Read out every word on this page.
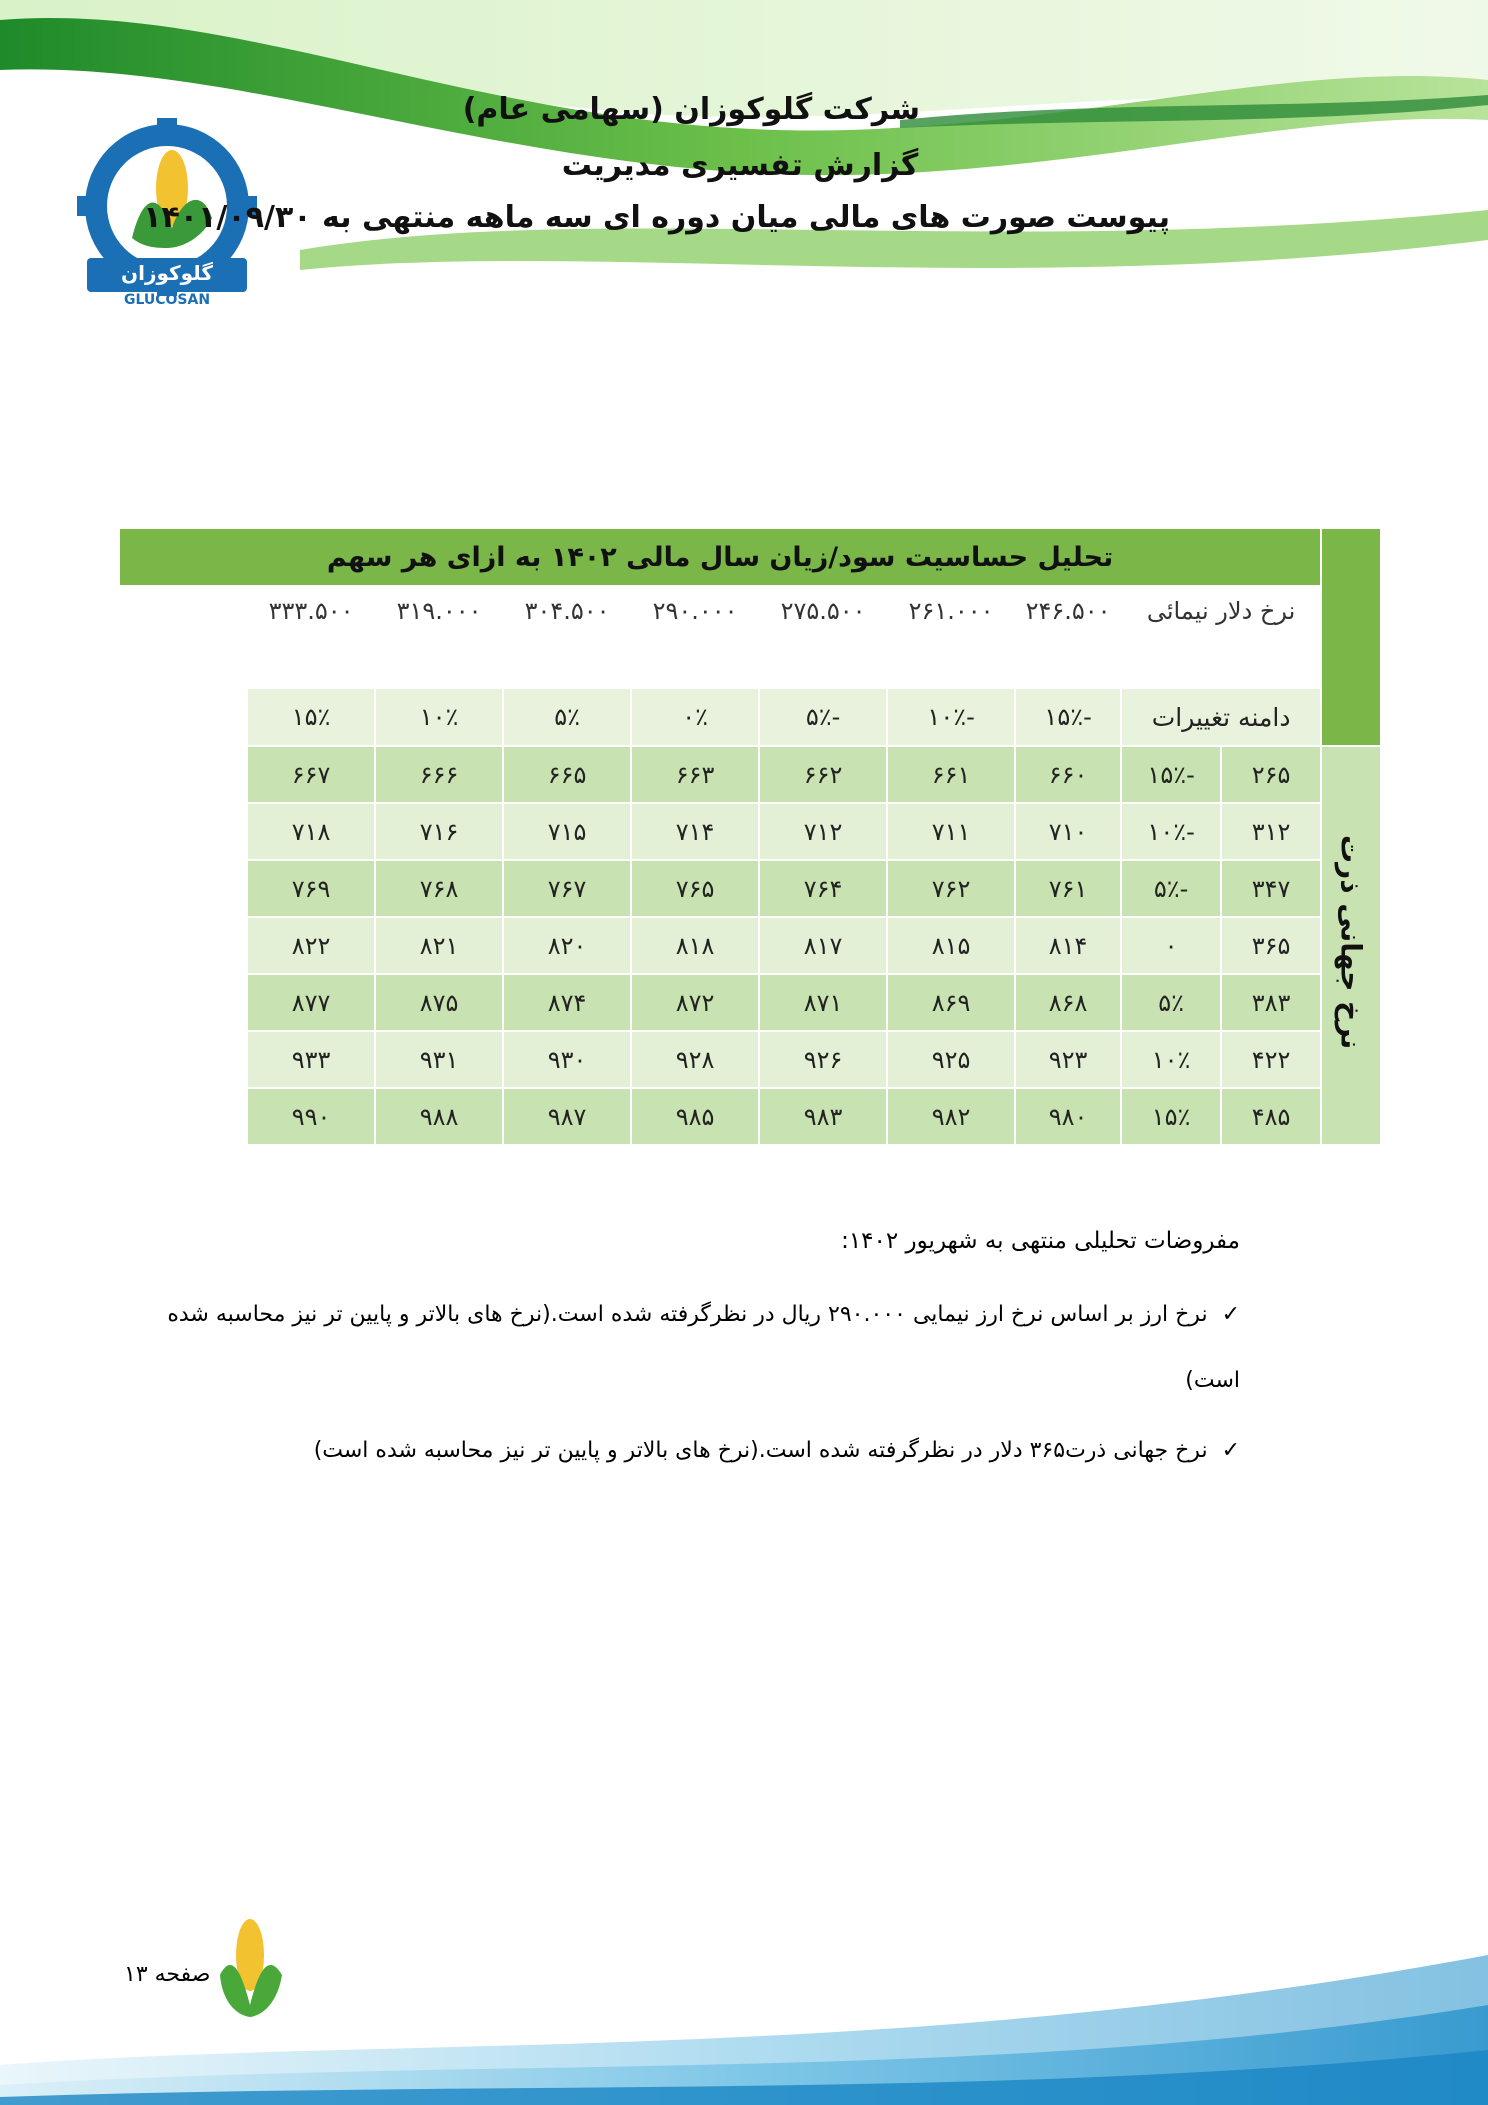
گلوکوزان
GLUCOSAN
شرکت گلوکوزان (سهامی عام)
گزارش تفسیری مدیریت
پیوست صورت های مالی میان دوره ای سه ماهه منتهی به ۱۴۰۱/۰۹/۳۰
	تحلیل حساسیت سود/زیان سال مالی ۱۴۰۲ به ازای هر سهم								
	نرخ دلار نیمائی		۲۴۶.۵۰۰	۲۶۱.۰۰۰	۲۷۵.۵۰۰	۲۹۰.۰۰۰	۳۰۴.۵۰۰	۳۱۹.۰۰۰	۳۳۳.۵۰۰
	دامنه تغییرات		-۱۵٪	-۱۰٪	-۵٪	۰٪	۵٪	۱۰٪	۱۵٪
نرخ جهانی ذرت	۲۶۵	-۱۵٪	۶۶۰	۶۶۱	۶۶۲	۶۶۳	۶۶۵	۶۶۶	۶۶۷
	۳۱۲	-۱۰٪	۷۱۰	۷۱۱	۷۱۲	۷۱۴	۷۱۵	۷۱۶	۷۱۸
	۳۴۷	-۵٪	۷۶۱	۷۶۲	۷۶۴	۷۶۵	۷۶۷	۷۶۸	۷۶۹
	۳۶۵	۰	۸۱۴	۸۱۵	۸۱۷	۸۱۸	۸۲۰	۸۲۱	۸۲۲
	۳۸۳	۵٪	۸۶۸	۸۶۹	۸۷۱	۸۷۲	۸۷۴	۸۷۵	۸۷۷
	۴۲۲	۱۰٪	۹۲۳	۹۲۵	۹۲۶	۹۲۸	۹۳۰	۹۳۱	۹۳۳
	۴۸۵	۱۵٪	۹۸۰	۹۸۲	۹۸۳	۹۸۵	۹۸۷	۹۸۸	۹۹۰
مفروضات تحلیلی منتهی به شهریور ۱۴۰۲:
✓نرخ ارز بر اساس نرخ ارز نیمایی ۲۹۰.۰۰۰ ریال در نظرگرفته شده است.(نرخ های بالاتر و پایین تر نیز محاسبه شده است)
✓نرخ جهانی ذرت۳۶۵ دلار در نظرگرفته شده است.(نرخ های بالاتر و پایین تر نیز محاسبه شده است)
صفحه ۱۳
